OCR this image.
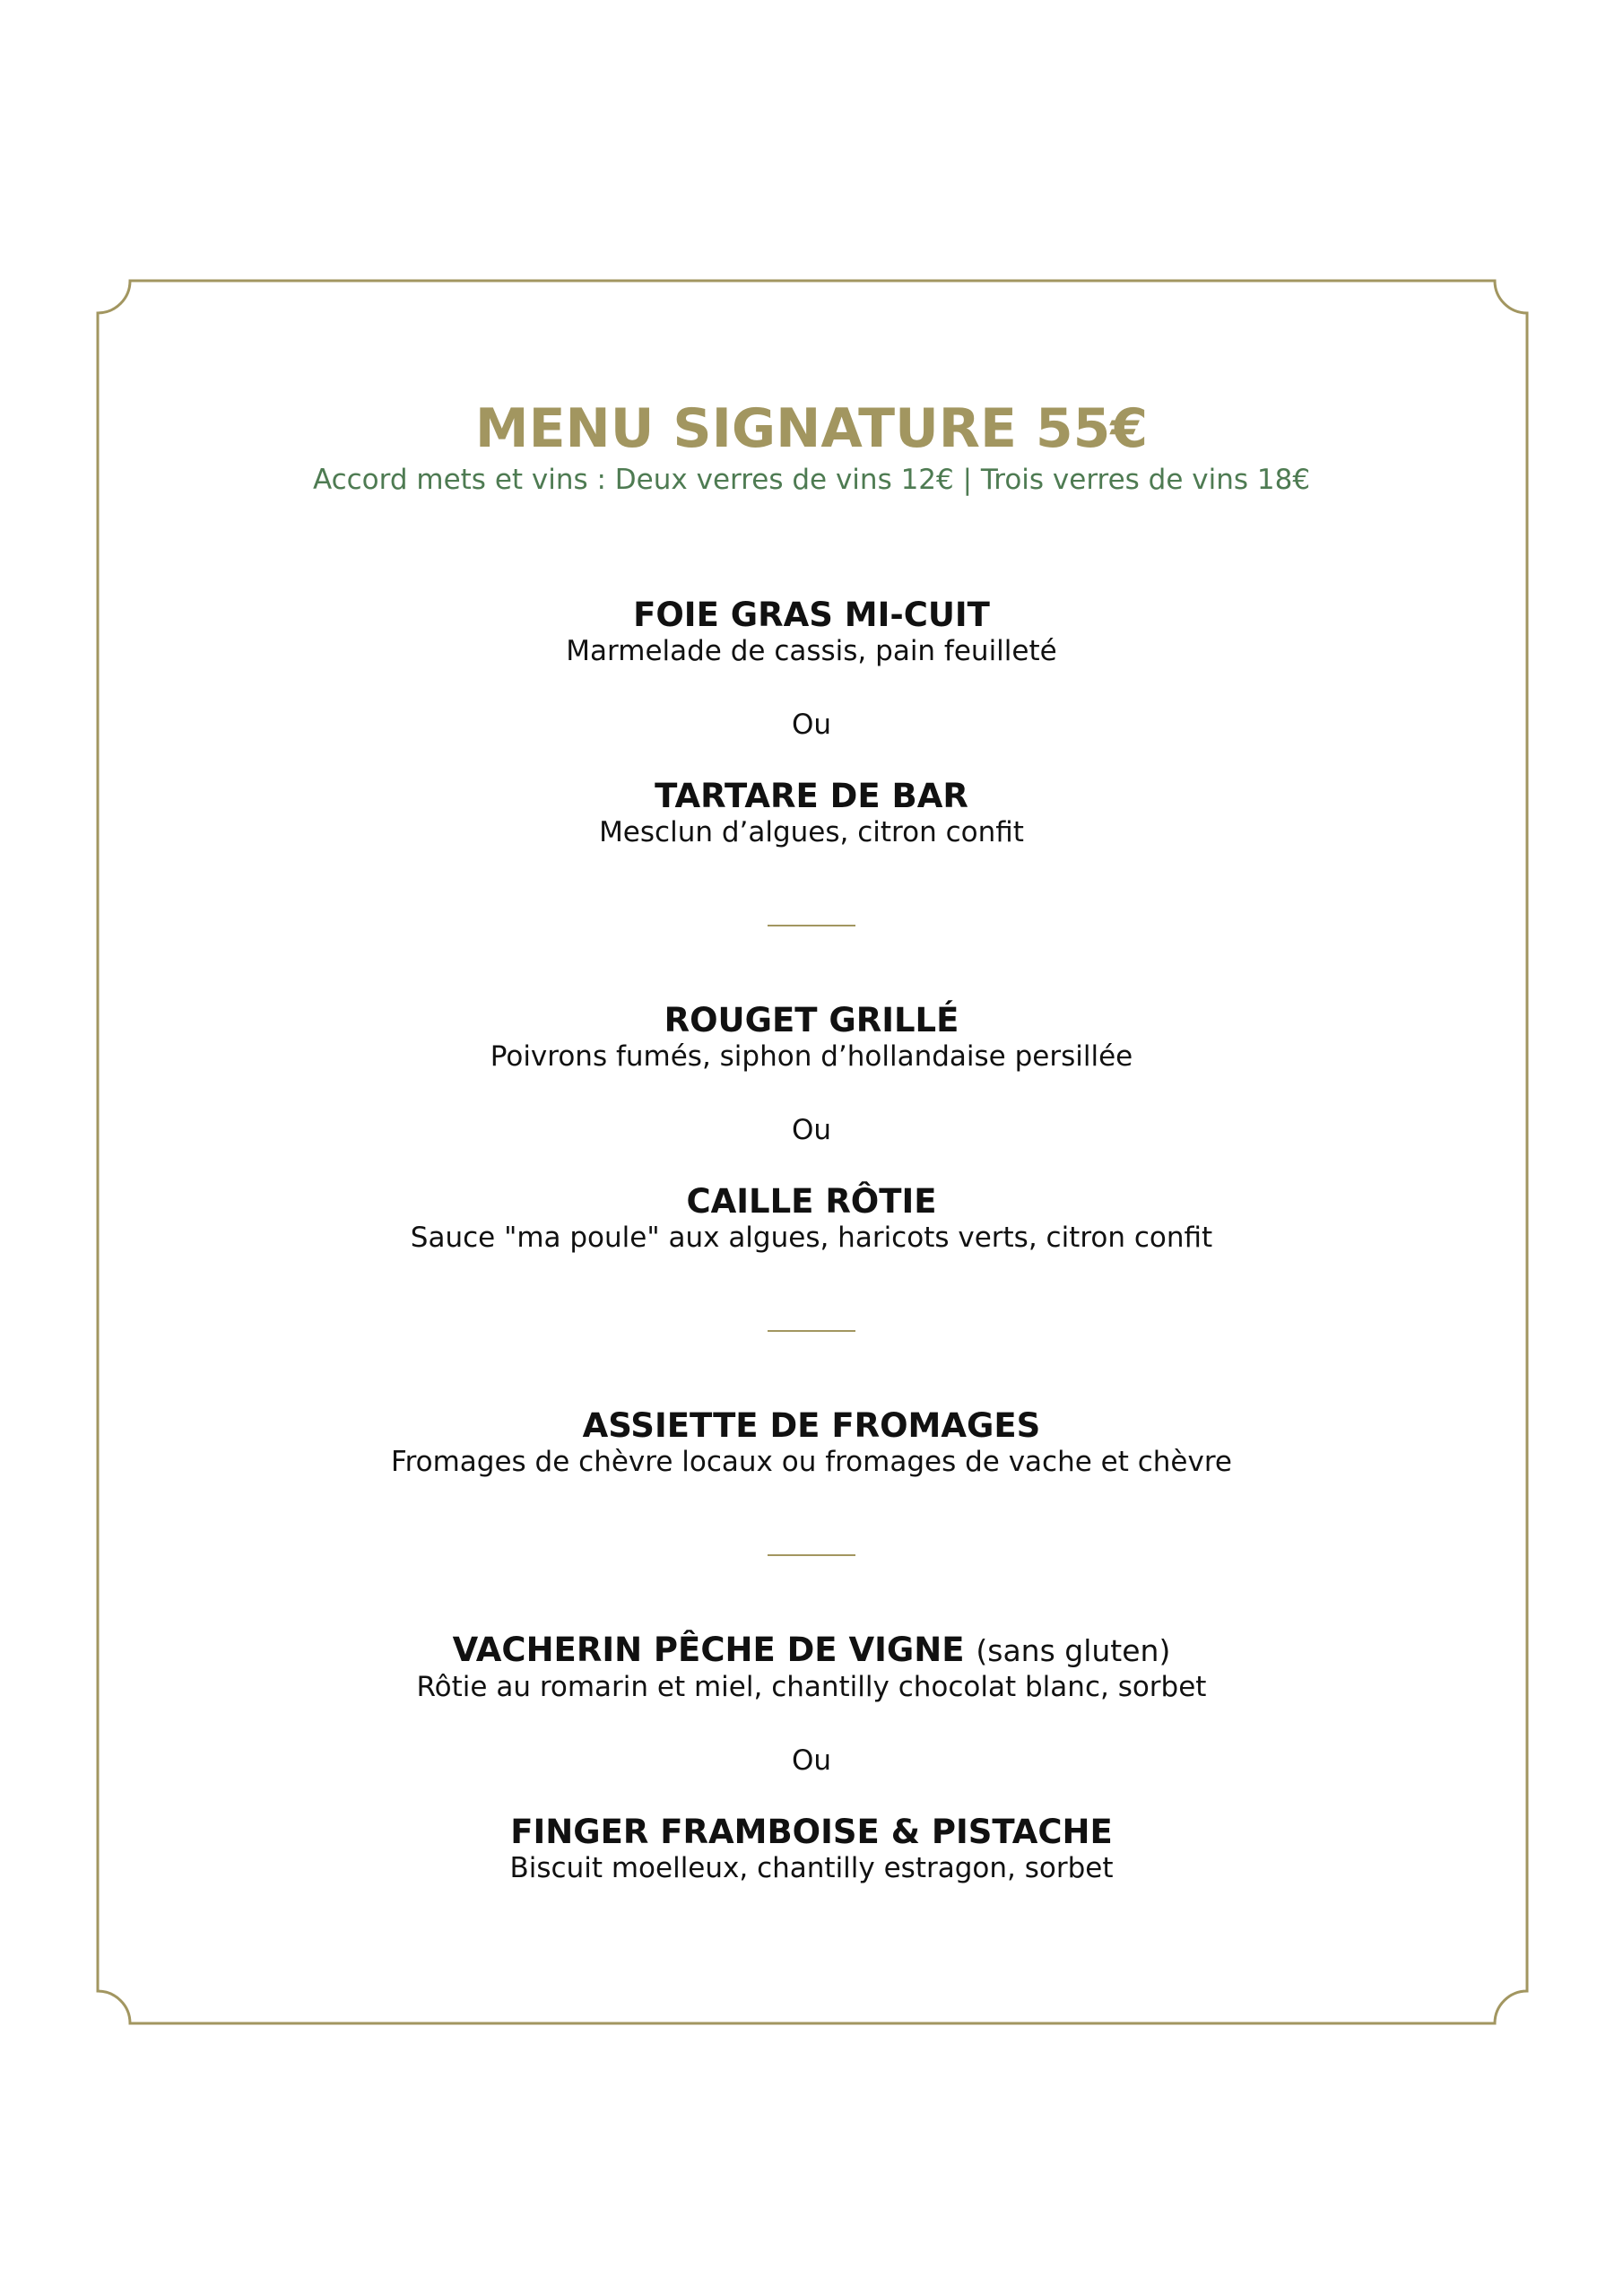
MENU SIGNATURE 55€

Accord mets et vins : Deux verres de vins 12€ | Trois verres de vins 18€

FOIE GRAS MI-CUIT

Marmelade de cassis, pain feuilleté

Ou

TARTARE DE BAR

Mesclun d’algues, citron confit

ROUGET GRILLÉ

Poivrons fumés, siphon d’hollandaise persillée

Ou

CAILLE RÔTIE

Sauce "ma poule" aux algues, haricots verts, citron confit

ASSIETTE DE FROMAGES

Fromages de chèvre locaux ou fromages de vache et chèvre

VACHERIN PÊCHE DE VIGNE (sans gluten)

Rôtie au romarin et miel, chantilly chocolat blanc, sorbet

Ou

FINGER FRAMBOISE & PISTACHE

Biscuit moelleux, chantilly estragon, sorbet
